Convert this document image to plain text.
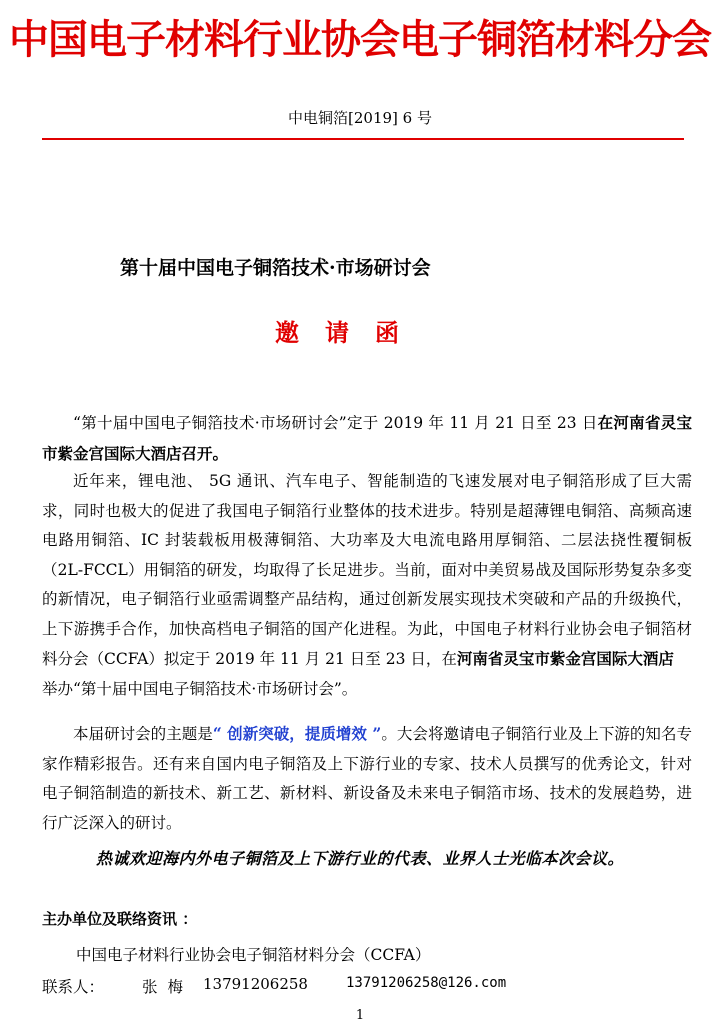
中国电子材料行业协会电子铜箔材料分会
中电铜箔[2019] 6 号
第十届中国电子铜箔技术·市场研讨会
邀请函

“第十届中国电子铜箔技术·市场研讨会”定于 2019 年 11 月 21 日至 23 日在河南省灵宝市紫金宫国际大酒店召开。

近年来，锂电池、 5G 通讯、汽车电子、智能制造的飞速发展对电子铜箔形成了巨大需求，同时也极大的促进了我国电子铜箔行业整体的技术进步。特别是超薄锂电铜箔、高频高速电路用铜箔、IC 封装载板用极薄铜箔、大功率及大电流电路用厚铜箔、二层法挠性覆铜板（2L-FCCL）用铜箔的研发，均取得了长足进步。当前，面对中美贸易战及国际形势复杂多变的新情况，电子铜箔行业亟需调整产品结构，通过创新发展实现技术突破和产品的升级换代，上下游携手合作，加快高档电子铜箔的国产化进程。为此，中国电子材料行业协会电子铜箔材料分会（CCFA）拟定于 2019 年 11 月 21 日至 23 日，在河南省灵宝市紫金宫国际大酒店
举办“第十届中国电子铜箔技术·市场研讨会”。

本届研讨会的主题是“ 创新突破，提质增效 ”。大会将邀请电子铜箔行业及上下游的知名专家作精彩报告。还有来自国内电子铜箔及上下游行业的专家、技术人员撰写的优秀论文，针对电子铜箔制造的新技术、新工艺、新材料、新设备及未来电子铜箔市场、技术的发展趋势，进行广泛深入的研讨。

热诚欢迎海内外电子铜箔及上下游行业的代表、业界人士光临本次会议。
主办单位及联络资讯 ：
中国电子材料行业协会电子铜箔材料分会（CCFA）
联系人： 张梅 13791206258	13791206258@126.com
1
